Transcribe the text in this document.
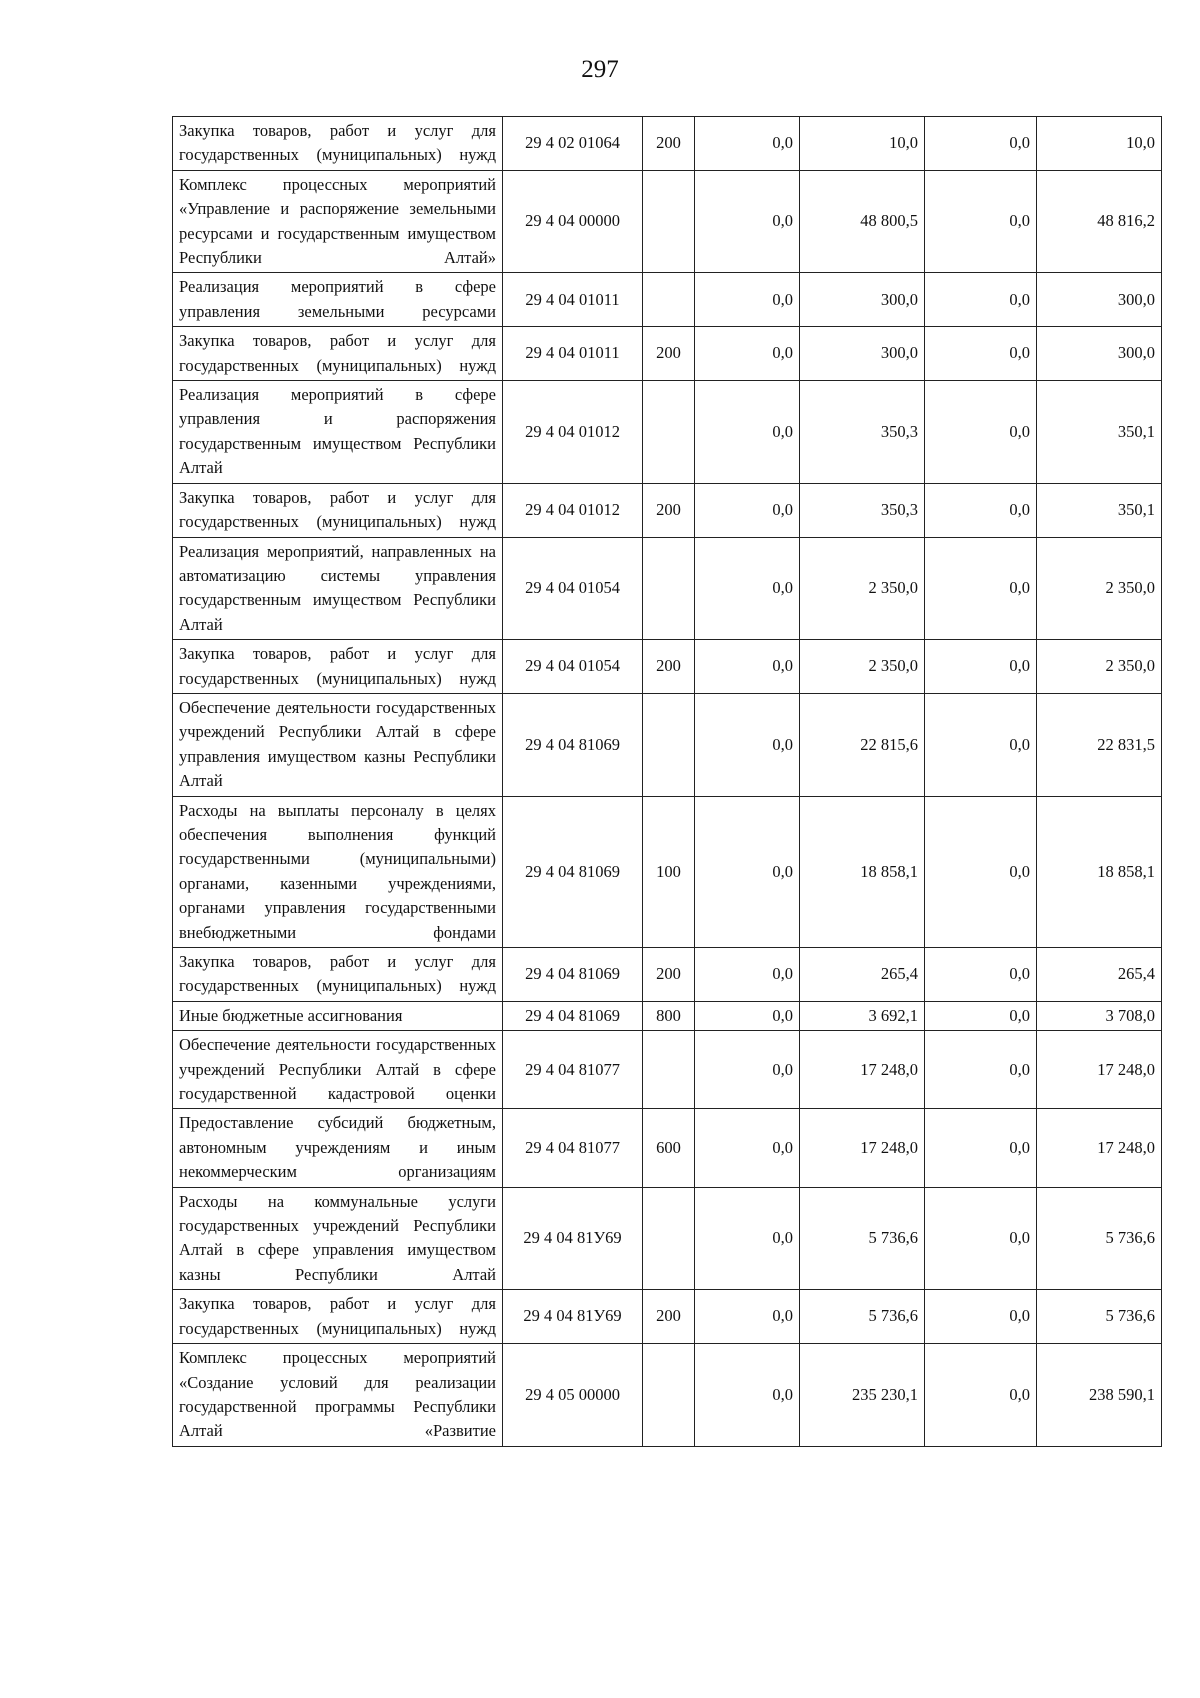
297
Закупка товаров, работ и услуг для государственных (муниципальных) нужд	29 4 02 01064	200	0,0	10,0	0,0	10,0
Комплекс процессных мероприятий «Управление и распоряжение земельными ресурсами и государственным имуществом Республики Алтай»	29 4 04 00000		0,0	48 800,5	0,0	48 816,2
Реализация мероприятий в сфере управления земельными ресурсами	29 4 04 01011		0,0	300,0	0,0	300,0
Закупка товаров, работ и услуг для государственных (муниципальных) нужд	29 4 04 01011	200	0,0	300,0	0,0	300,0
Реализация мероприятий в сфере управления и распоряжения государственным имуществом Республики Алтай	29 4 04 01012		0,0	350,3	0,0	350,1
Закупка товаров, работ и услуг для государственных (муниципальных) нужд	29 4 04 01012	200	0,0	350,3	0,0	350,1
Реализация мероприятий, направленных на автоматизацию системы управления государственным имуществом Республики Алтай	29 4 04 01054		0,0	2 350,0	0,0	2 350,0
Закупка товаров, работ и услуг для государственных (муниципальных) нужд	29 4 04 01054	200	0,0	2 350,0	0,0	2 350,0
Обеспечение деятельности государственных учреждений Республики Алтай в сфере управления имуществом казны Республики Алтай	29 4 04 81069		0,0	22 815,6	0,0	22 831,5
Расходы на выплаты персоналу в целях обеспечения выполнения функций государственными (муниципальными) органами, казенными учреждениями, органами управления государственными внебюджетными фондами	29 4 04 81069	100	0,0	18 858,1	0,0	18 858,1
Закупка товаров, работ и услуг для государственных (муниципальных) нужд	29 4 04 81069	200	0,0	265,4	0,0	265,4
Иные бюджетные ассигнования	29 4 04 81069	800	0,0	3 692,1	0,0	3 708,0
Обеспечение деятельности государственных учреждений Республики Алтай в сфере государственной кадастровой оценки	29 4 04 81077		0,0	17 248,0	0,0	17 248,0
Предоставление субсидий бюджетным, автономным учреждениям и иным некоммерческим организациям	29 4 04 81077	600	0,0	17 248,0	0,0	17 248,0
Расходы на коммунальные услуги государственных учреждений Республики Алтай в сфере управления имуществом казны Республики Алтай	29 4 04 81У69		0,0	5 736,6	0,0	5 736,6
Закупка товаров, работ и услуг для государственных (муниципальных) нужд	29 4 04 81У69	200	0,0	5 736,6	0,0	5 736,6
Комплекс процессных мероприятий «Создание условий для реализации государственной программы Республики Алтай «Развитие	29 4 05 00000		0,0	235 230,1	0,0	238 590,1
